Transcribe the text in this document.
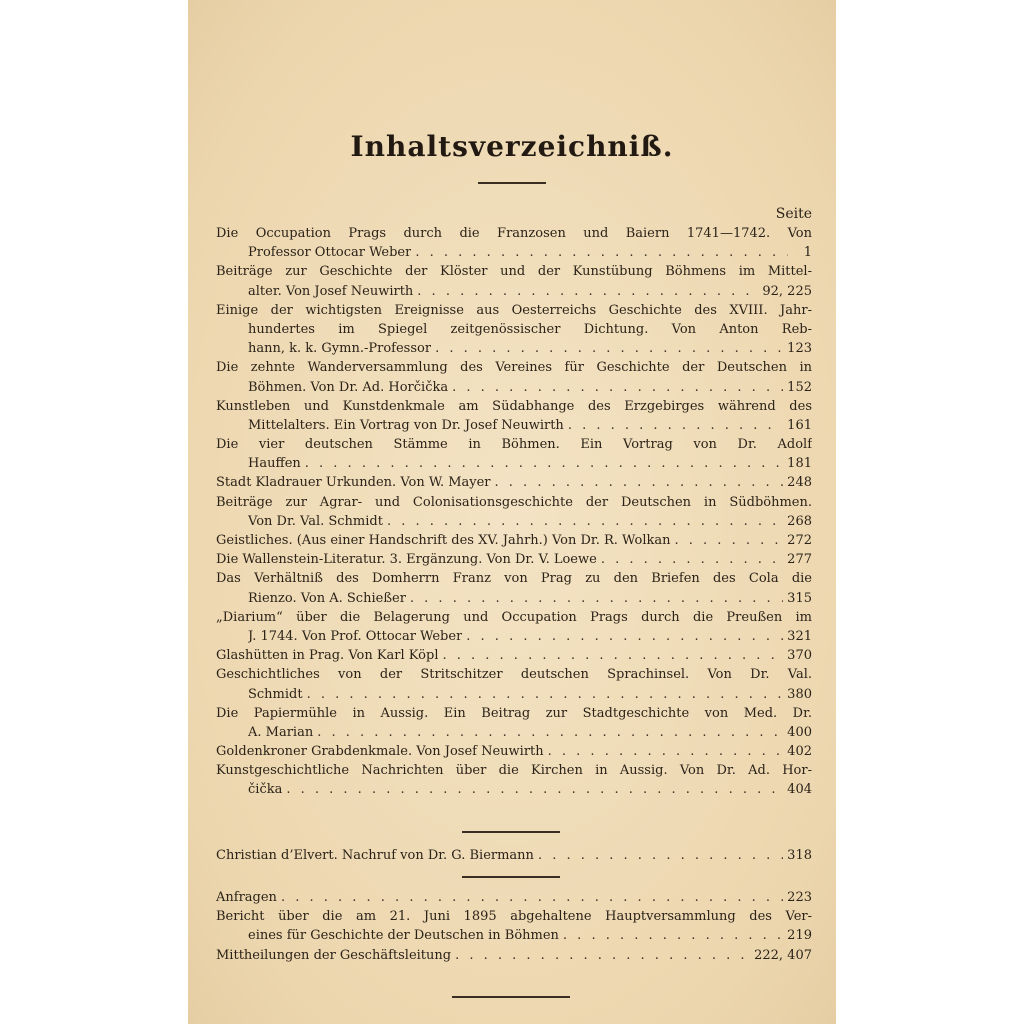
Inhaltsverzeichniß.
Seite
Die Occupation Prags durch die Franzosen und Baiern 1741—1742. Von
Professor Ottocar Weber . . .	1
Beiträge zur Geschichte der Klöster und der Kunstübung Böhmens im Mittel-
alter. Von Josef Neuwirth . . .	92, 225
Einige der wichtigsten Ereignisse aus Oesterreichs Geschichte des XVIII. Jahr-
hundertes im Spiegel zeitgenössischer Dichtung. Von Anton Reb-
hann, k. k. Gymn.-Professor . . .	123
Die zehnte Wanderversammlung des Vereines für Geschichte der Deutschen in
Böhmen. Von Dr. Ad. Horčička . . .	152
Kunstleben und Kunstdenkmale am Südabhange des Erzgebirges während des
Mittelalters. Ein Vortrag von Dr. Josef Neuwirth . . .	161
Die vier deutschen Stämme in Böhmen. Ein Vortrag von Dr. Adolf
Hauffen . . .	181
Stadt Kladrauer Urkunden. Von W. Mayer . . .	248
Beiträge zur Agrar- und Colonisationsgeschichte der Deutschen in Südböhmen.
Von Dr. Val. Schmidt . . .	268
Geistliches. (Aus einer Handschrift des XV. Jahrh.) Von Dr. R. Wolkan . . .	272
Die Wallenstein-Literatur. 3. Ergänzung. Von Dr. V. Loewe . . .	277
Das Verhältniß des Domherrn Franz von Prag zu den Briefen des Cola die
Rienzo. Von A. Schießer . . .	315
„Diarium“ über die Belagerung und Occupation Prags durch die Preußen im
J. 1744. Von Prof. Ottocar Weber . . .	321
Glashütten in Prag. Von Karl Köpl . . .	370
Geschichtliches von der Stritschitzer deutschen Sprachinsel. Von Dr. Val.
Schmidt . . .	380
Die Papiermühle in Aussig. Ein Beitrag zur Stadtgeschichte von Med. Dr.
A. Marian . . .	400
Goldenkroner Grabdenkmale. Von Josef Neuwirth . . .	402
Kunstgeschichtliche Nachrichten über die Kirchen in Aussig. Von Dr. Ad. Hor-
čička . . .	404
Christian d’Elvert. Nachruf von Dr. G. Biermann . . .	318
Anfragen . . .	223
Bericht über die am 21. Juni 1895 abgehaltene Hauptversammlung des Ver-
eines für Geschichte der Deutschen in Böhmen . . .	219
Mittheilungen der Geschäftsleitung . . .	222, 407
